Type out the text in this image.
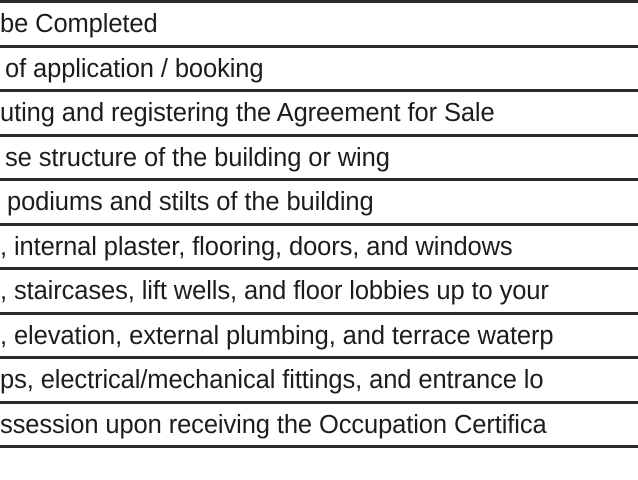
be Completed
of application / booking
uting and registering the Agreement for Sale
se structure of the building or wing
podiums and stilts of the building
, internal plaster, flooring, doors, and windows
, staircases, lift wells, and floor lobbies up to your
, elevation, external plumbing, and terrace waterp
ps, electrical/mechanical fittings, and entrance lo
ssession upon receiving the Occupation Certifica
